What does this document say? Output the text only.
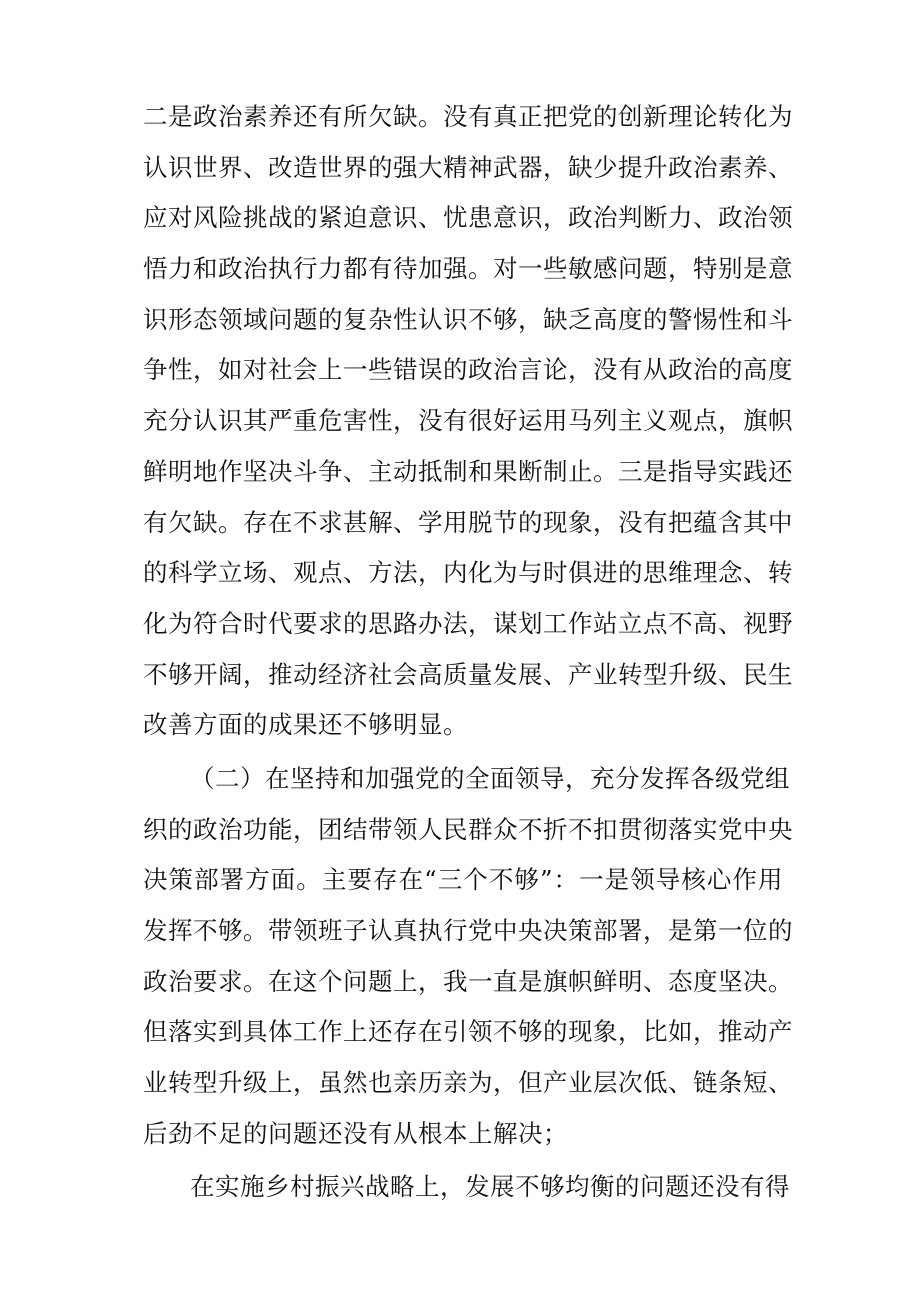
二是政治素养还有所欠缺。没有真正把党的创新理论转化为
认识世界、改造世界的强大精神武器，缺少提升政治素养、
应对风险挑战的紧迫意识、忧患意识，政治判断力、政治领
悟力和政治执行力都有待加强。对一些敏感问题，特别是意
识形态领域问题的复杂性认识不够，缺乏高度的警惕性和斗
争性，如对社会上一些错误的政治言论，没有从政治的高度
充分认识其严重危害性，没有很好运用马列主义观点，旗帜
鲜明地作坚决斗争、主动抵制和果断制止。三是指导实践还
有欠缺。存在不求甚解、学用脱节的现象，没有把蕴含其中
的科学立场、观点、方法，内化为与时俱进的思维理念、转
化为符合时代要求的思路办法，谋划工作站立点不高、视野
不够开阔，推动经济社会高质量发展、产业转型升级、民生
改善方面的成果还不够明显。
（二）在坚持和加强党的全面领导，充分发挥各级党组
织的政治功能，团结带领人民群众不折不扣贯彻落实党中央
决策部署方面。主要存在“三个不够”：一是领导核心作用
发挥不够。带领班子认真执行党中央决策部署，是第一位的
政治要求。在这个问题上，我一直是旗帜鲜明、态度坚决。
但落实到具体工作上还存在引领不够的现象，比如，推动产
业转型升级上，虽然也亲历亲为，但产业层次低、链条短、
后劲不足的问题还没有从根本上解决；
在实施乡村振兴战略上，发展不够均衡的问题还没有得
